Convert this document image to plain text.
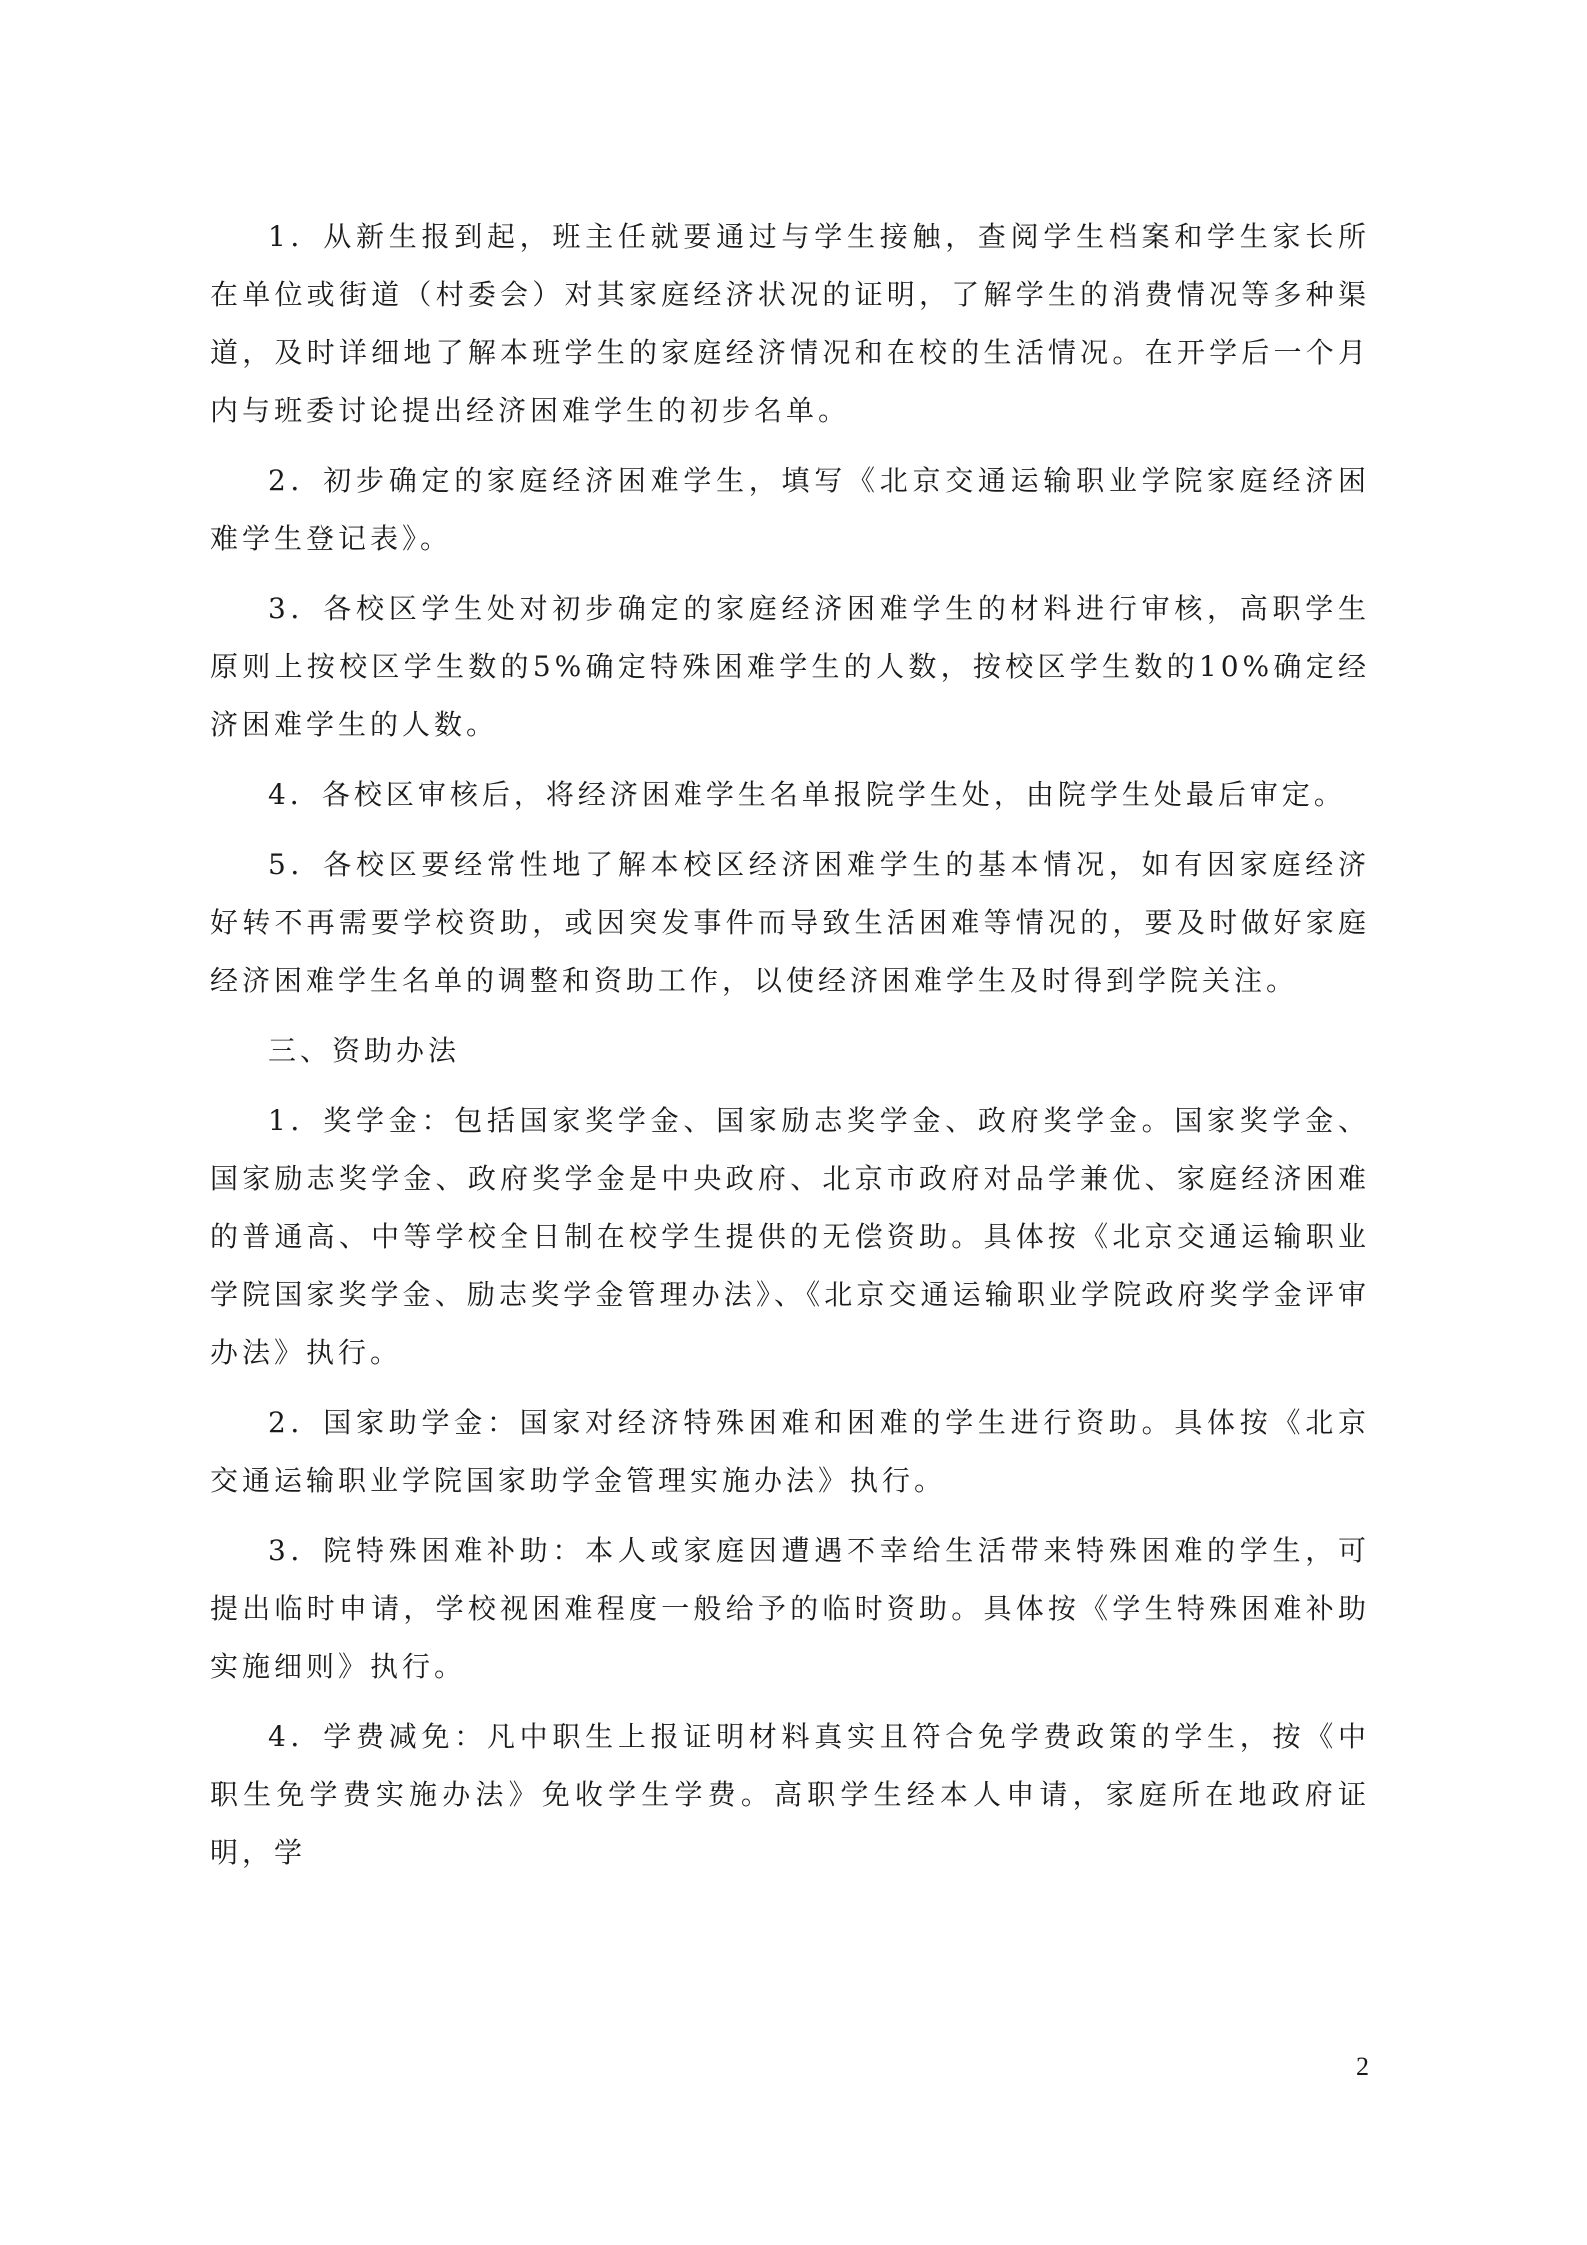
1．从新生报到起，班主任就要通过与学生接触，查阅学生档案和学生家长所在单位或街道（村委会）对其家庭经济状况的证明，了解学生的消费情况等多种渠道，及时详细地了解本班学生的家庭经济情况和在校的生活情况。在开学后一个月内与班委讨论提出经济困难学生的初步名单。

2．初步确定的家庭经济困难学生，填写《北京交通运输职业学院家庭经济困难学生登记表》。

3．各校区学生处对初步确定的家庭经济困难学生的材料进行审核，高职学生原则上按校区学生数的5%确定特殊困难学生的人数，按校区学生数的10%确定经济困难学生的人数。

4．各校区审核后，将经济困难学生名单报院学生处，由院学生处最后审定。

5．各校区要经常性地了解本校区经济困难学生的基本情况，如有因家庭经济好转不再需要学校资助，或因突发事件而导致生活困难等情况的，要及时做好家庭经济困难学生名单的调整和资助工作，以使经济困难学生及时得到学院关注。

三、资助办法

1．奖学金：包括国家奖学金、国家励志奖学金、政府奖学金。国家奖学金、国家励志奖学金、政府奖学金是中央政府、北京市政府对品学兼优、家庭经济困难的普通高、中等学校全日制在校学生提供的无偿资助。具体按《北京交通运输职业学院国家奖学金、励志奖学金管理办法》、《北京交通运输职业学院政府奖学金评审办法》执行。

2．国家助学金：国家对经济特殊困难和困难的学生进行资助。具体按《北京交通运输职业学院国家助学金管理实施办法》执行。

3．院特殊困难补助：本人或家庭因遭遇不幸给生活带来特殊困难的学生，可提出临时申请，学校视困难程度一般给予的临时资助。具体按《学生特殊困难补助实施细则》执行。

4．学费减免：凡中职生上报证明材料真实且符合免学费政策的学生，按《中职生免学费实施办法》免收学生学费。高职学生经本人申请，家庭所在地政府证明，学

2
